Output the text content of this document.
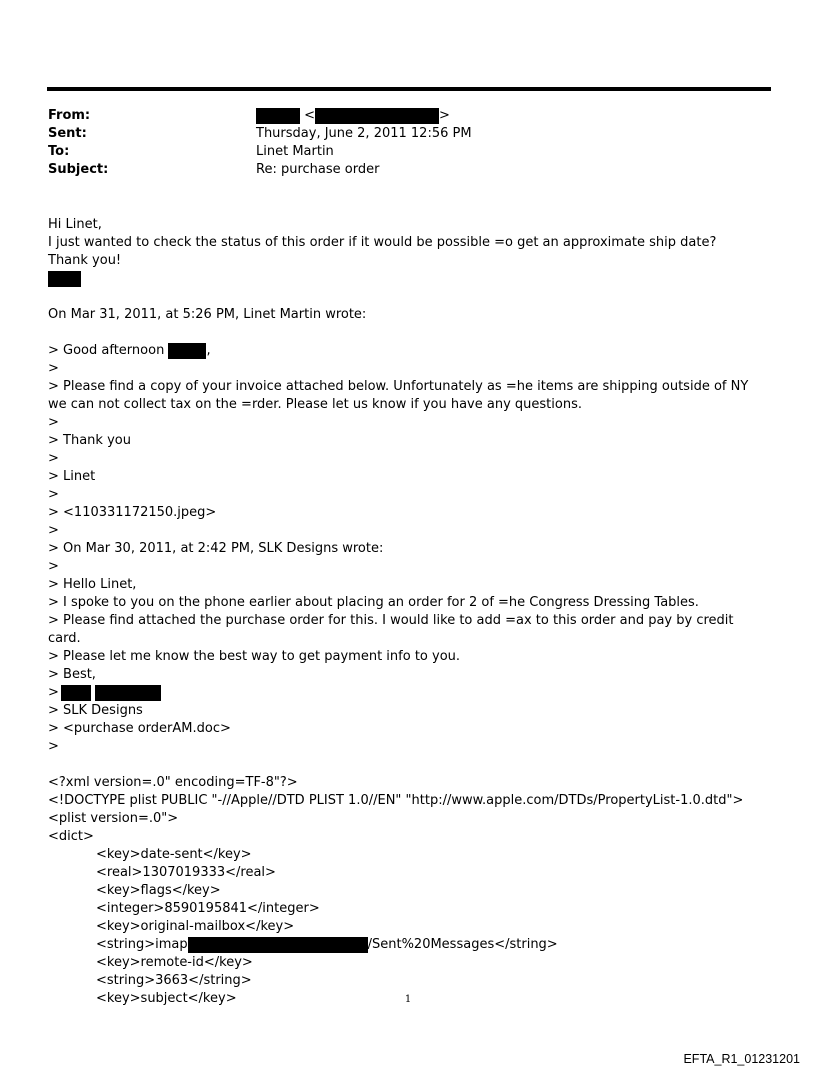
From:	<	>
Sent:	Thursday, June 2, 2011 12:56 PM
To:	Linet Martin
Subject:	Re: purchase order
Hi Linet,
I just wanted to check the status of this order if it would be possible =o get an approximate ship date?
Thank you!
On Mar 31, 2011, at 5:26 PM, Linet Martin wrote:
> Good afternoon	,
>
> Please find a copy of your invoice attached below. Unfortunately as =he items are shipping outside of NY we can not collect tax on the =rder. Please let us know if you have any questions.
>
> Thank you
>
> Linet
>
> <110331172150.jpeg>
>
> On Mar 30, 2011, at 2:42 PM, SLK Designs wrote:
>
> Hello Linet,
> I spoke to you on the phone earlier about placing an order for 2 of =he Congress Dressing Tables.
> Please find attached the purchase order for this. I would like to add =ax to this order and pay by credit card.
> Please let me know the best way to get payment info to you.
> Best,
>
> SLK Designs
> <purchase orderAM.doc>
>
<?xml version=.0" encoding=TF-8"?>
<!DOCTYPE plist PUBLIC "-//Apple//DTD PLIST 1.0//EN" "http://www.apple.com/DTDs/PropertyList-1.0.dtd">
<plist version=.0">
<dict>
<key>date-sent</key>
<real>1307019333</real>
<key>flags</key>
<integer>8590195841</integer>
<key>original-mailbox</key>
<string>imap	/Sent%20Messages</string>
<key>remote-id</key>
<string>3663</string>
<key>subject</key>	1
EFTA_R1_01231201
